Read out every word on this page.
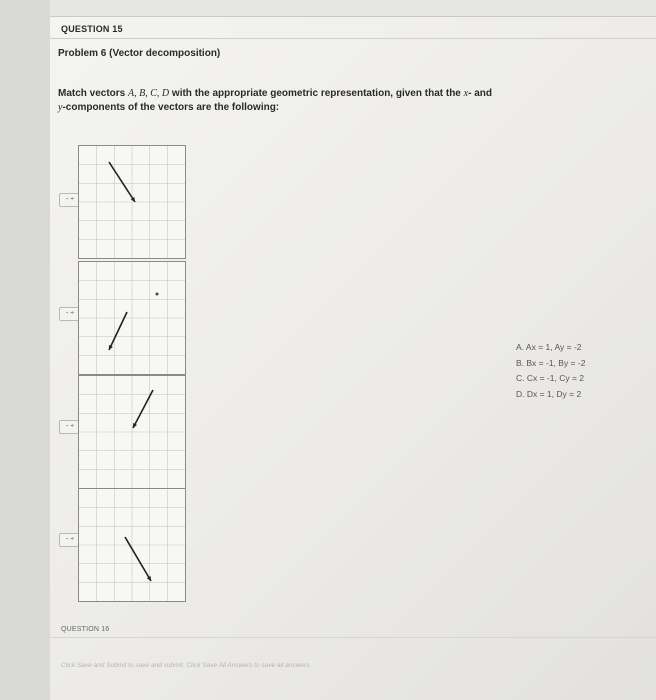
QUESTION 15
Problem 6 (Vector decomposition)
Match vectors A, B, C, D with the appropriate geometric representation, given that the x- and
y-components of the vectors are the following:
- ÷
- ÷
- ÷
- ÷
A. Ax = 1, Ay = -2
B. Bx = -1, By = -2
C. Cx = -1, Cy = 2
D. Dx = 1, Dy = 2
QUESTION 16
Click Save and Submit to save and submit. Click Save All Answers to save all answers.
